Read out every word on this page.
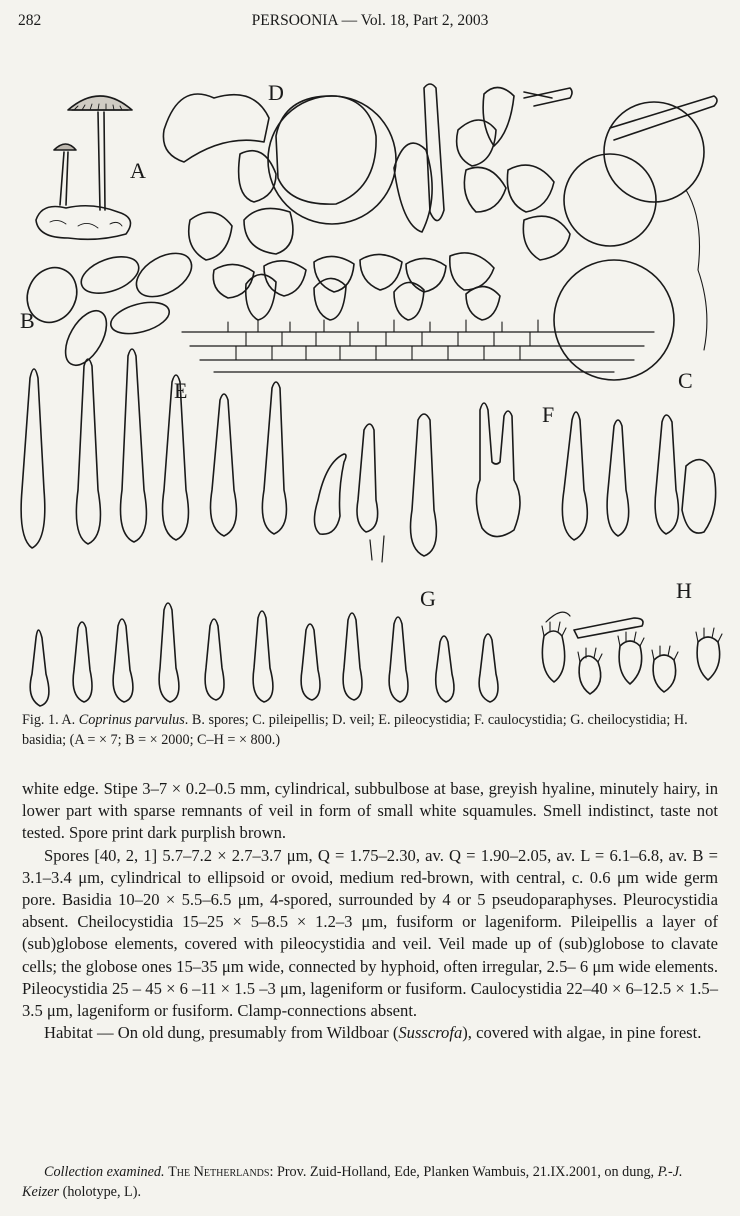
282	PERSOONIA — Vol. 18, Part 2, 2003
A
B
C
D
E
F
G	H
Fig. 1. A. Coprinus parvulus. B. spores; C. pileipellis; D. veil; E. pileocystidia; F. caulocystidia; G. cheilocystidia; H. basidia; (A = × 7; B = × 2000; C–H = × 800.)

white edge. Stipe 3–7 × 0.2–0.5 mm, cylindrical, subbulbose at base, greyish hyaline, minutely hairy, in lower part with sparse remnants of veil in form of small white squamules. Smell indistinct, taste not tested. Spore print dark purplish brown.

Spores [40, 2, 1] 5.7–7.2 × 2.7–3.7 μm, Q = 1.75–2.30, av. Q = 1.90–2.05, av. L = 6.1–6.8, av. B = 3.1–3.4 μm, cylindrical to ellipsoid or ovoid, medium red-brown, with central, c. 0.6 μm wide germ pore. Basidia 10–20 × 5.5–6.5 μm, 4-spored, surrounded by 4 or 5 pseudoparaphyses. Pleurocystidia absent. Cheilocystidia 15–25 × 5–8.5 × 1.2–3 μm, fusiform or lageniform. Pileipellis a layer of (sub)globose elements, covered with pileocystidia and veil. Veil made up of (sub)globose to clavate cells; the globose ones 15–35 μm wide, connected by hyphoid, often irregular, 2.5– 6 μm wide elements. Pileocystidia 25 – 45 × 6 –11 × 1.5 –3 μm, lageniform or fusiform. Caulocystidia 22–40 × 6–12.5 × 1.5–3.5 μm, lageniform or fusiform. Clamp-connections absent.

Habitat — On old dung, presumably from Wildboar (Susscrofa), covered with algae, in pine forest.

Collection examined. The Netherlands: Prov. Zuid-Holland, Ede, Planken Wambuis, 21.IX.2001, on dung, P.-J. Keizer (holotype, L).
